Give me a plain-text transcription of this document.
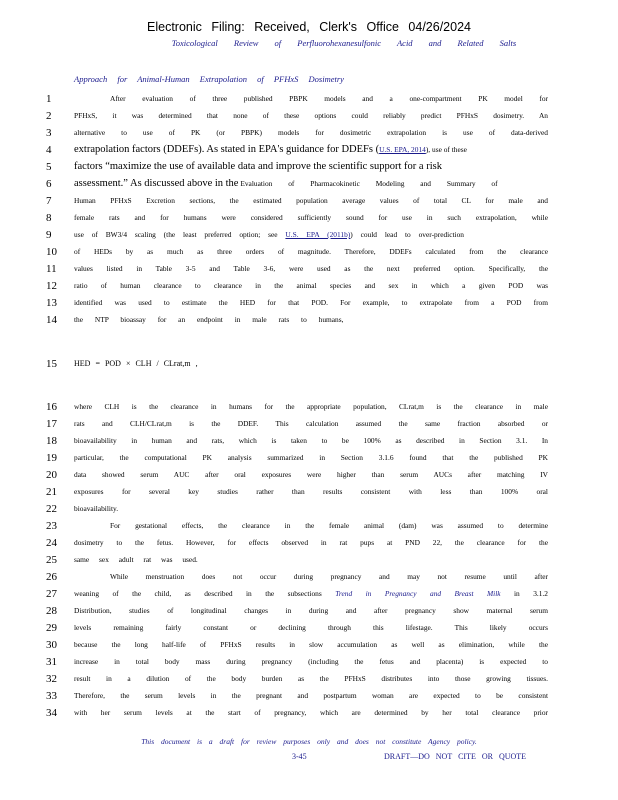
Electronic Filing: Received, Clerk's Office 04/26/2024
Toxicological Review of Perfluorohexanesulfonic Acid and Related Salts
Approach for Animal-Human Extrapolation of PFHxS Dosimetry
1	After evaluation of three published PBPK models and a one-compartment PK model for
2	PFHxS, it was determined that none of these options could reliably predict PFHxS dosimetry. An
3	alternative to use of PK (or PBPK) models for dosimetric extrapolation is use of data-derived
4	extrapolation factors (DDEFs). As stated in EPA's guidance for DDEFs (U.S. EPA, 2014), use of these
5	factors “maximize the use of available data and improve the scientific support for a risk
6	assessment.” As discussed above in the Evaluation of Pharmacokinetic Modeling and Summary of
7	Human PFHxS Excretion sections, the estimated population average values of total CL for male and
8	female rats and for humans were considered sufficiently sound for use in such extrapolation, while
9	use of BW3/4 scaling (the least preferred option; see U.S. EPA (2011b)) could lead to over-prediction
10	of HEDs by as much as three orders of magnitude. Therefore, DDEFs calculated from the clearance
11	values listed in Table 3-5 and Table 3-6, were used as the next preferred option. Specifically, the
12	ratio of human clearance to clearance in the animal species and sex in which a given POD was
13	identified was used to estimate the HED for that POD. For example, to extrapolate from a POD from
14	the NTP bioassay for an endpoint in male rats to humans,
15	HED = POD × CLH / CLrat,m ,
16	where CLH is the clearance in humans for the appropriate population, CLrat,m is the clearance in male
17	rats and CLH/CLrat,m is the DDEF. This calculation assumed the same fraction absorbed or
18	bioavailability in human and rats, which is taken to be 100% as described in Section 3.1. In
19	particular, the computational PK analysis summarized in Section 3.1.6 found that the published PK
20	data showed serum AUC after oral exposures were higher than serum AUCs after matching IV
21	exposures for several key studies rather than results consistent with less than 100% oral
22	bioavailability.
23	For gestational effects, the clearance in the female animal (dam) was assumed to determine
24	dosimetry to the fetus. However, for effects observed in rat pups at PND 22, the clearance for the
25	same sex adult rat was used.
26	While menstruation does not occur during pregnancy and may not resume until after
27	weaning of the child, as described in the subsections Trend in Pregnancy and Breast Milk in 3.1.2
28	Distribution, studies of longitudinal changes in during and after pregnancy show maternal serum
29	levels remaining fairly constant or declining through this lifestage. This likely occurs
30	because the long half-life of PFHxS results in slow accumulation as well as elimination, while the
31	increase in total body mass during pregnancy (including the fetus and placenta) is expected to
32	result in a dilution of the body burden as the PFHxS distributes into those growing tissues.
33	Therefore, the serum levels in the pregnant and postpartum woman are expected to be consistent
34	with her serum levels at the start of pregnancy, which are determined by her total clearance prior
This document is a draft for review purposes only and does not constitute Agency policy.
3-45	DRAFT—DO NOT CITE OR QUOTE
